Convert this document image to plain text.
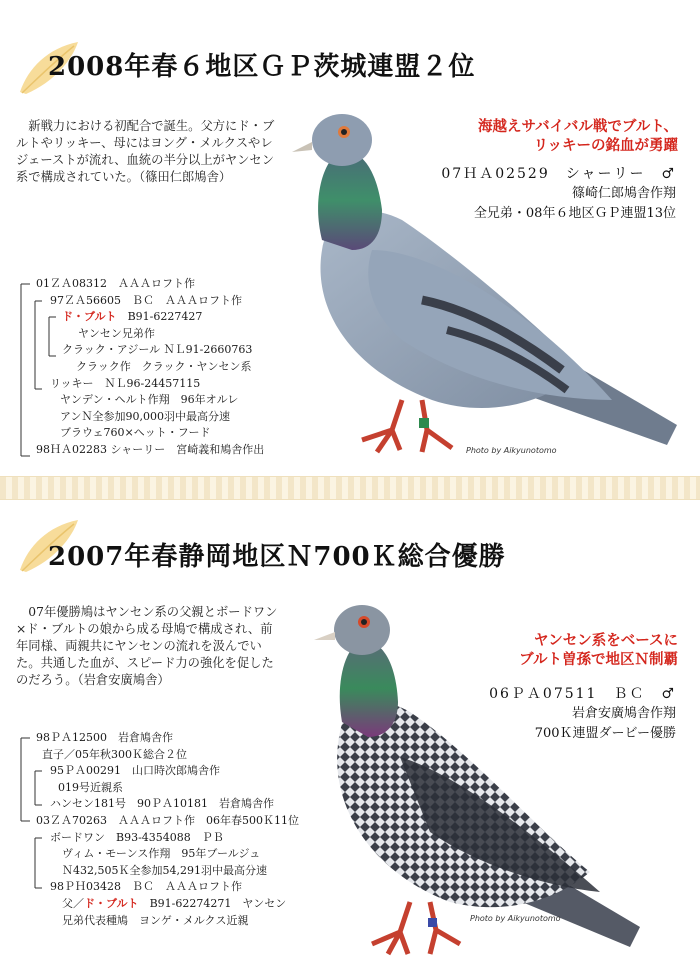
2008年春６地区ＧＰ茨城連盟２位

新戦力における初配合で誕生。父方にド・ブルトやリッキー、母にはヨング・メルクスやレジェーストが流れ、血統の半分以上がヤンセン系で構成されていた。（篠田仁郎鳩舎）

海越えサバイバル戦でブルト、
リッキーの銘血が勇躍
07ＨＡ02529　シャーリー　♂
篠崎仁郎鳩舎作翔
全兄弟・08年６地区ＧＰ連盟13位
Photo by Aikyunotomo
01ＺＡ08312　ＡＡＡロフト作
97ＺＡ56605　ＢＣ　ＡＡＡロフト作
ド・ブルト　 B91-6227427
ヤンセン兄弟作
クラック・アジール ＮＬ91-2660763
クラック作　クラック・ヤンセン系
リッキー　ＮＬ96-24457115
ヤンデン・ヘルト作翔　96年オルレ
アンＮ全参加90,000羽中最高分速
ブラウェ760×ヘット・フード
98ＨＡ02283 シャーリー　宮崎義和鳩舎作出
2007年春静岡地区Ｎ700Ｋ総合優勝

07年優勝鳩はヤンセン系の父親とボードワン×ド・ブルトの娘から成る母鳩で構成され、前年同様、両親共にヤンセンの流れを汲んでいた。共通した血が、スピード力の強化を促したのだろう。（岩倉安廣鳩舎）

ヤンセン系をベースに
ブルト曽孫で地区Ｎ制覇
06ＰＡ07511　ＢＣ　♂
岩倉安廣鳩舎作翔
700Ｋ連盟ダービー優勝
Photo by Aikyunotomo
98ＰＡ12500　岩倉鳩舎作
直子／05年秋300Ｋ総合２位
95ＰＡ00291　山口時次郎鳩舎作
019号近親系
ハンセン181号　90ＰＡ10181　岩倉鳩舎作
03ＺＡ70263　ＡＡＡロフト作　06年春500Ｋ11位
ボードワン　B93-4354088　ＰＢ
ヴィム・モーンス作翔　95年ブールジュ
Ｎ432,505Ｋ全参加54,291羽中最高分速
98ＰＨ03428　ＢＣ　ＡＡＡロフト作
父／ド・ブルト　 B91-62274271　ヤンセン
兄弟代表種鳩　ヨンゲ・メルクス近親
